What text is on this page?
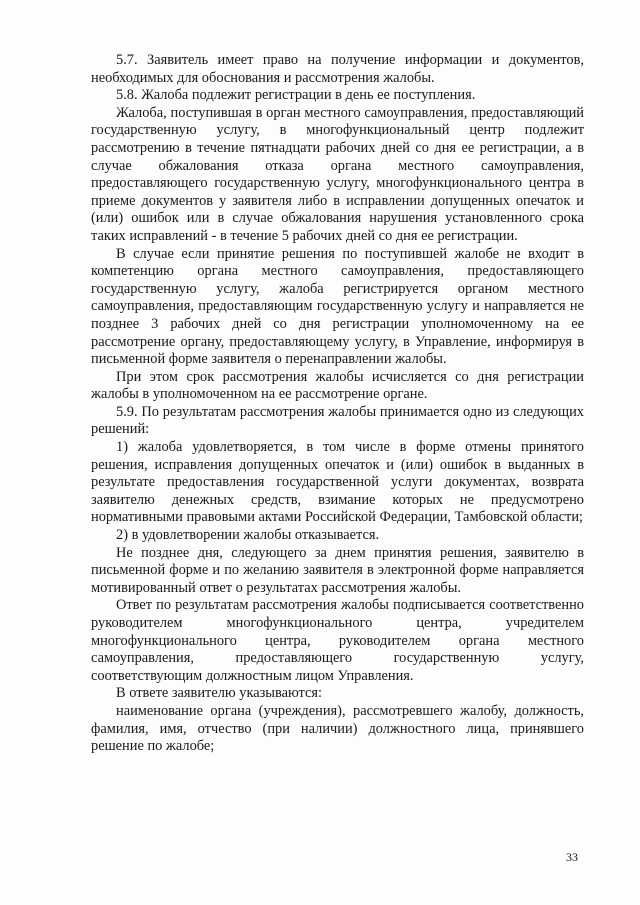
5.7. Заявитель имеет право на получение информации и документов, необходимых для обоснования и рассмотрения жалобы.

5.8. Жалоба подлежит регистрации в день ее поступления.

Жалоба, поступившая в орган местного самоуправления, предоставляющий государственную услугу, в многофункциональный центр подлежит рассмотрению в течение пятнадцати рабочих дней со дня ее регистрации, а в случае обжалования отказа органа местного самоуправления, предоставляющего государственную услугу, многофункционального центра в приеме документов у заявителя либо в исправлении допущенных опечаток и (или) ошибок или в случае обжалования нарушения установленного срока таких исправлений - в течение 5 рабочих дней со дня ее регистрации.

В случае если принятие решения по поступившей жалобе не входит в компетенцию органа местного самоуправления, предоставляющего государственную услугу, жалоба регистрируется органом местного самоуправления, предоставляющим государственную услугу и направляется не позднее 3 рабочих дней со дня регистрации уполномоченному на ее рассмотрение органу, предоставляющему услугу, в Управление, информируя в письменной форме заявителя о перенаправлении жалобы.

При этом срок рассмотрения жалобы исчисляется со дня регистрации жалобы в уполномоченном на ее рассмотрение органе.

5.9. По результатам рассмотрения жалобы принимается одно из следующих решений:

1) жалоба удовлетворяется, в том числе в форме отмены принятого решения, исправления допущенных опечаток и (или) ошибок в выданных в результате предоставления государственной услуги документах, возврата заявителю денежных средств, взимание которых не предусмотрено нормативными правовыми актами Российской Федерации, Тамбовской области;

2) в удовлетворении жалобы отказывается.

Не позднее дня, следующего за днем принятия решения, заявителю в письменной форме и по желанию заявителя в электронной форме направляется мотивированный ответ о результатах рассмотрения жалобы.

Ответ по результатам рассмотрения жалобы подписывается соответственно руководителем многофункционального центра, учредителем многофункционального центра, руководителем органа местного самоуправления, предоставляющего государственную услугу, соответствующим должностным лицом Управления.

В ответе заявителю указываются:

наименование органа (учреждения), рассмотревшего жалобу, должность, фамилия, имя, отчество (при наличии) должностного лица, принявшего решение по жалобе;

33
